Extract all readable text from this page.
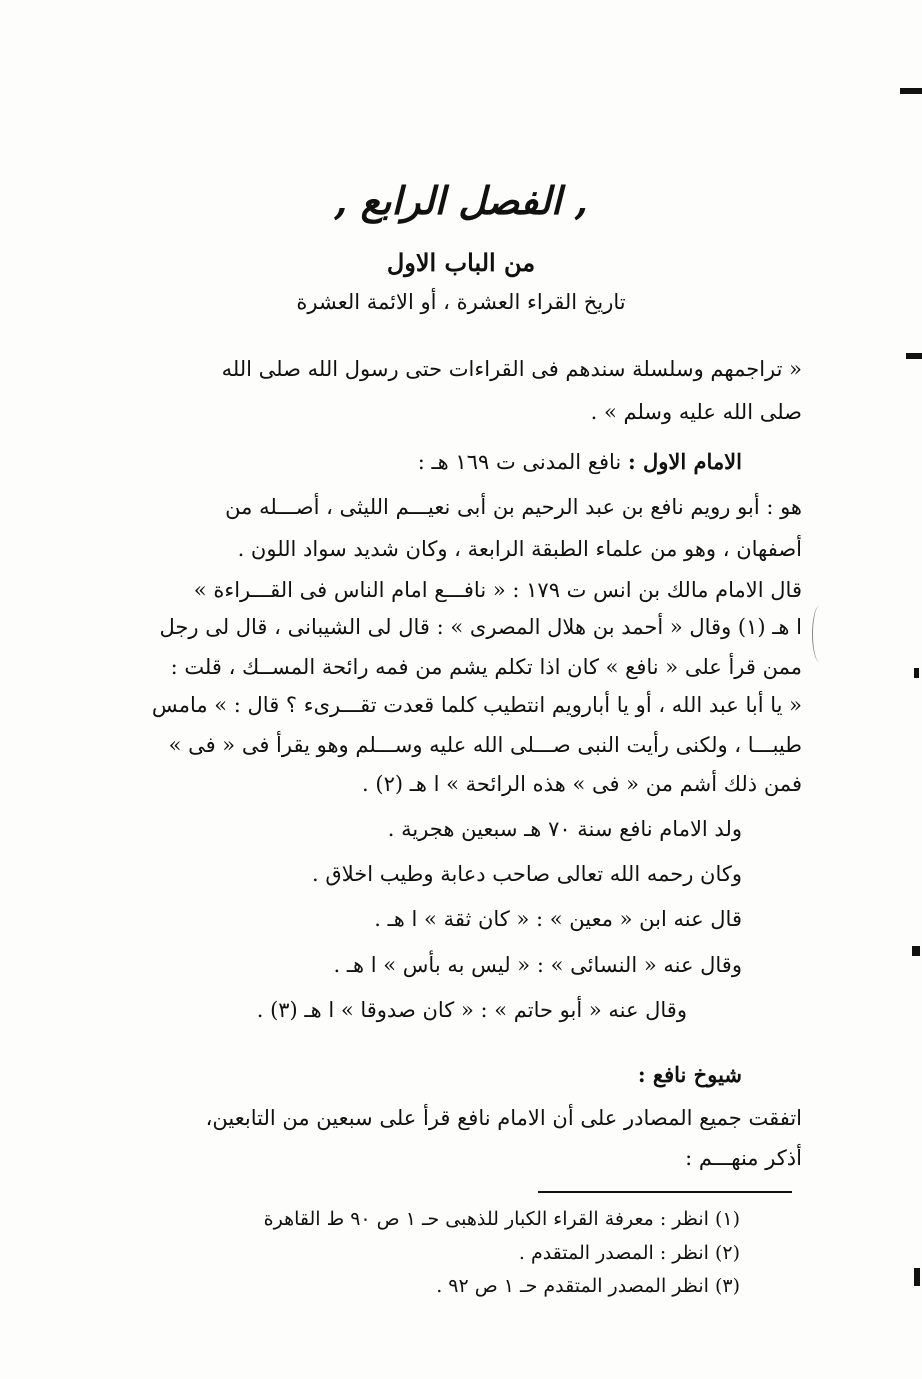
, الفصل الرابع ,
من الباب الاول
تاريخ القراء العشرة ، أو الائمة العشرة
« تراجمهم وسلسلة سندهم فى القراءات حتى رسول الله صلى الله
صلى الله عليه وسلم » .
الامام الاول : نافع المدنى ت ١٦٩ هـ :
هو : أبو رويم نافع بن عبد الرحيم بن أبى نعيـــم الليثى ، أصـــله من
أصفهان ، وهو من علماء الطبقة الرابعة ، وكان شديد سواد اللون .
قال الامام مالك بن انس ت ١٧٩ : « نافـــع امام الناس فى القـــراءة »
ا هـ (١) وقال « أحمد بن هلال المصرى » : قال لى الشيبانى ، قال لى رجل
ممن قرأ على « نافع » كان اذا تكلم يشم من فمه رائحة المســك ، قلت :
« يا أبا عبد الله ، أو يا أبارويم انتطيب كلما قعدت تقـــرىء ؟ قال : » مامس
طيبـــا ، ولكنى رأيت النبى صـــلى الله عليه وســـلم وهو يقرأ فى « فى »
فمن ذلك أشم من « فى » هذه الرائحة » ا هـ (٢) .
ولد الامام نافع سنة ٧٠ هـ سبعين هجرية .
وكان رحمه الله تعالى صاحب دعابة وطيب اخلاق .
قال عنه ابن « معين » : « كان ثقة » ا هـ .
وقال عنه « النسائى » : « ليس به بأس » ا هـ .
وقال عنه « أبو حاتم » : « كان صدوقا » ا هـ (٣) .
شيوخ نافع :
اتفقت جميع المصادر على أن الامام نافع قرأ على سبعين من التابعين،
أذكر منهـــم :
(١) انظر : معرفة القراء الكبار للذهبى حـ ١ ص ٩٠ ط القاهرة
(٢) انظر : المصدر المتقدم .
(٣) انظر المصدر المتقدم حـ ١ ص ٩٢ .
